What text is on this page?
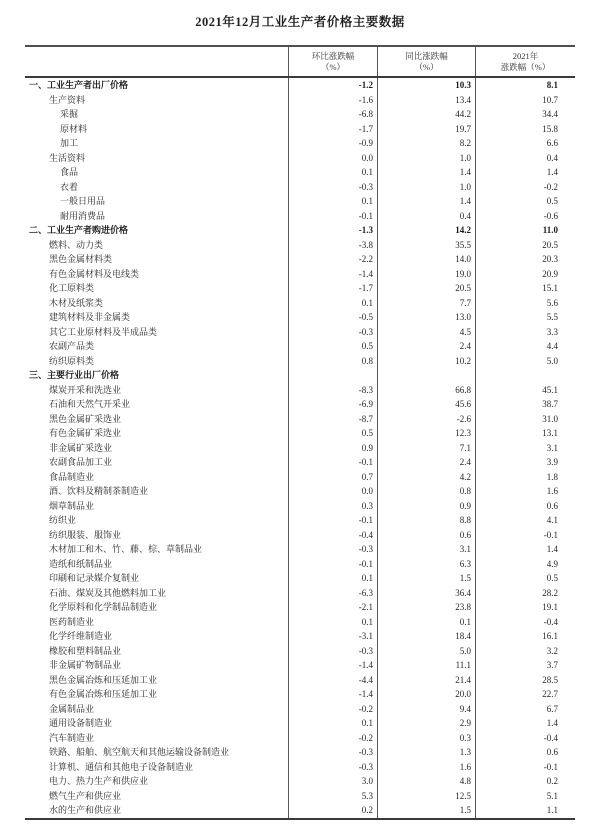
2021年12月工业生产者价格主要数据
环比涨跌幅
（%）
同比涨跌幅
（%）
2021年
涨跌幅（%）
一、工业生产者出厂价格	-1.2	10.3	8.1
生产资料	-1.6	13.4	10.7
采掘	-6.8	44.2	34.4
原材料	-1.7	19.7	15.8
加工	-0.9	8.2	6.6
生活资料	0.0	1.0	0.4
食品	0.1	1.4	1.4
衣着	-0.3	1.0	-0.2
一般日用品	0.1	1.4	0.5
耐用消费品	-0.1	0.4	-0.6
二、工业生产者购进价格	-1.3	14.2	11.0
燃料、动力类	-3.8	35.5	20.5
黑色金属材料类	-2.2	14.0	20.3
有色金属材料及电线类	-1.4	19.0	20.9
化工原料类	-1.7	20.5	15.1
木材及纸浆类	0.1	7.7	5.6
建筑材料及非金属类	-0.5	13.0	5.5
其它工业原材料及半成品类	-0.3	4.5	3.3
农副产品类	0.5	2.4	4.4
纺织原料类	0.8	10.2	5.0
三、主要行业出厂价格
煤炭开采和洗选业	-8.3	66.8	45.1
石油和天然气开采业	-6.9	45.6	38.7
黑色金属矿采选业	-8.7	-2.6	31.0
有色金属矿采选业	0.5	12.3	13.1
非金属矿采选业	0.9	7.1	3.1
农副食品加工业	-0.1	2.4	3.9
食品制造业	0.7	4.2	1.8
酒、饮料及精制茶制造业	0.0	0.8	1.6
烟草制品业	0.3	0.9	0.6
纺织业	-0.1	8.8	4.1
纺织服装、服饰业	-0.4	0.6	-0.1
木材加工和木、竹、藤、棕、草制品业	-0.3	3.1	1.4
造纸和纸制品业	-0.1	6.3	4.9
印刷和记录媒介复制业	0.1	1.5	0.5
石油、煤炭及其他燃料加工业	-6.3	36.4	28.2
化学原料和化学制品制造业	-2.1	23.8	19.1
医药制造业	0.1	0.1	-0.4
化学纤维制造业	-3.1	18.4	16.1
橡胶和塑料制品业	-0.3	5.0	3.2
非金属矿物制品业	-1.4	11.1	3.7
黑色金属冶炼和压延加工业	-4.4	21.4	28.5
有色金属冶炼和压延加工业	-1.4	20.0	22.7
金属制品业	-0.2	9.4	6.7
通用设备制造业	0.1	2.9	1.4
汽车制造业	-0.2	0.3	-0.4
铁路、船舶、航空航天和其他运输设备制造业	-0.3	1.3	0.6
计算机、通信和其他电子设备制造业	-0.3	1.6	-0.1
电力、热力生产和供应业	3.0	4.8	0.2
燃气生产和供应业	5.3	12.5	5.1
水的生产和供应业	0.2	1.5	1.1
